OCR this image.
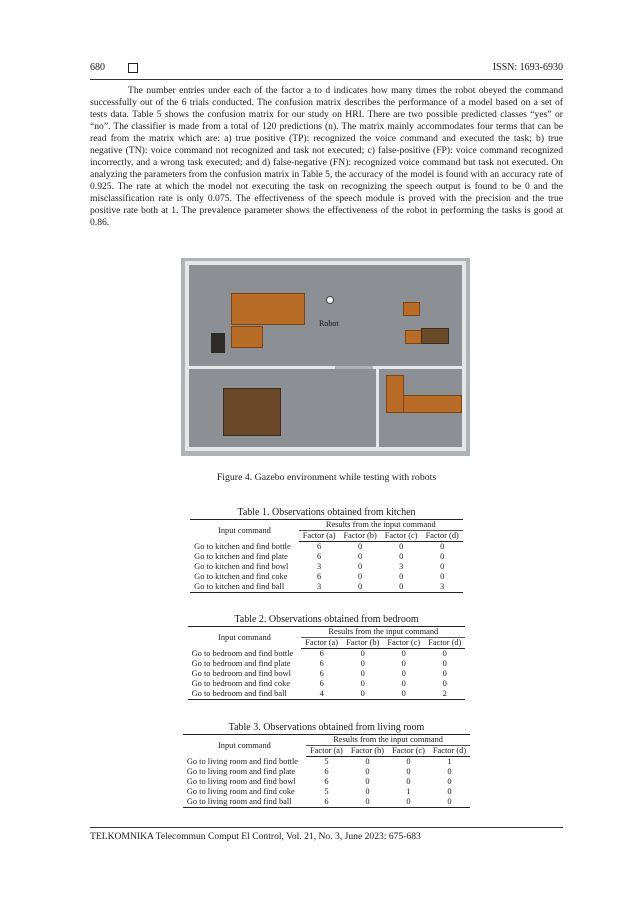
680	ISSN: 1693-6930

The number entries under each of the factor a to d indicates how many times the robot obeyed the command successfully out of the 6 trials conducted. The confusion matrix describes the performance of a model based on a set of tests data. Table 5 shows the confusion matrix for our study on HRI. There are two possible predicted classes “yes” or “no”. The classifier is made from a total of 120 predictions (n). The matrix mainly accommodates four terms that can be read from the matrix which are: a) true positive (TP): recognized the voice command and executed the task; b) true negative (TN): voice command not recognized and task not executed; c) false-positive (FP): voice command recognized incorrectly, and a wrong task executed; and d) false-negative (FN): recognized voice command but task not executed. On analyzing the parameters from the confusion matrix in Table 5, the accuracy of the model is found with an accuracy rate of 0.925. The rate at which the model not executing the task on recognizing the speech output is found to be 0 and the misclassification rate is only 0.075. The effectiveness of the speech module is proved with the precision and the true positive rate both at 1. The prevalence parameter shows the effectiveness of the robot in performing the tasks is good at 0.86.

Robot
Figure 4. Gazebo environment while testing with robots
Table 1. Observations obtained from kitchen
Input command	Results from the input command			
	Factor (a)	Factor (b)	Factor (c)	Factor (d)
Go to kitchen and find bottle	6	0	0	0
Go to kitchen and find plate	6	0	0	0
Go to kitchen and find bowl	3	0	3	0
Go to kitchen and find coke	6	0	0	0
Go to kitchen and find ball	3	0	0	3
Table 2. Observations obtained from bedroom
Input command	Results from the input command			
	Factor (a)	Factor (b)	Factor (c)	Factor (d)
Go to bedroom and find bottle	6	0	0	0
Go to bedroom and find plate	6	0	0	0
Go to bedroom and find bowl	6	0	0	0
Go to bedroom and find coke	6	0	0	0
Go to bedroom and find ball	4	0	0	2
Table 3. Observations obtained from living room
Input command	Results from the input command			
	Factor (a)	Factor (b)	Factor (c)	Factor (d)
Go to living room and find bottle	5	0	0	1
Go to living room and find plate	6	0	0	0
Go to living room and find bowl	6	0	0	0
Go to living room and find coke	5	0	1	0
Go to living room and find ball	6	0	0	0
TELKOMNIKA Telecommun Comput El Control, Vol. 21, No. 3, June 2023: 675-683
